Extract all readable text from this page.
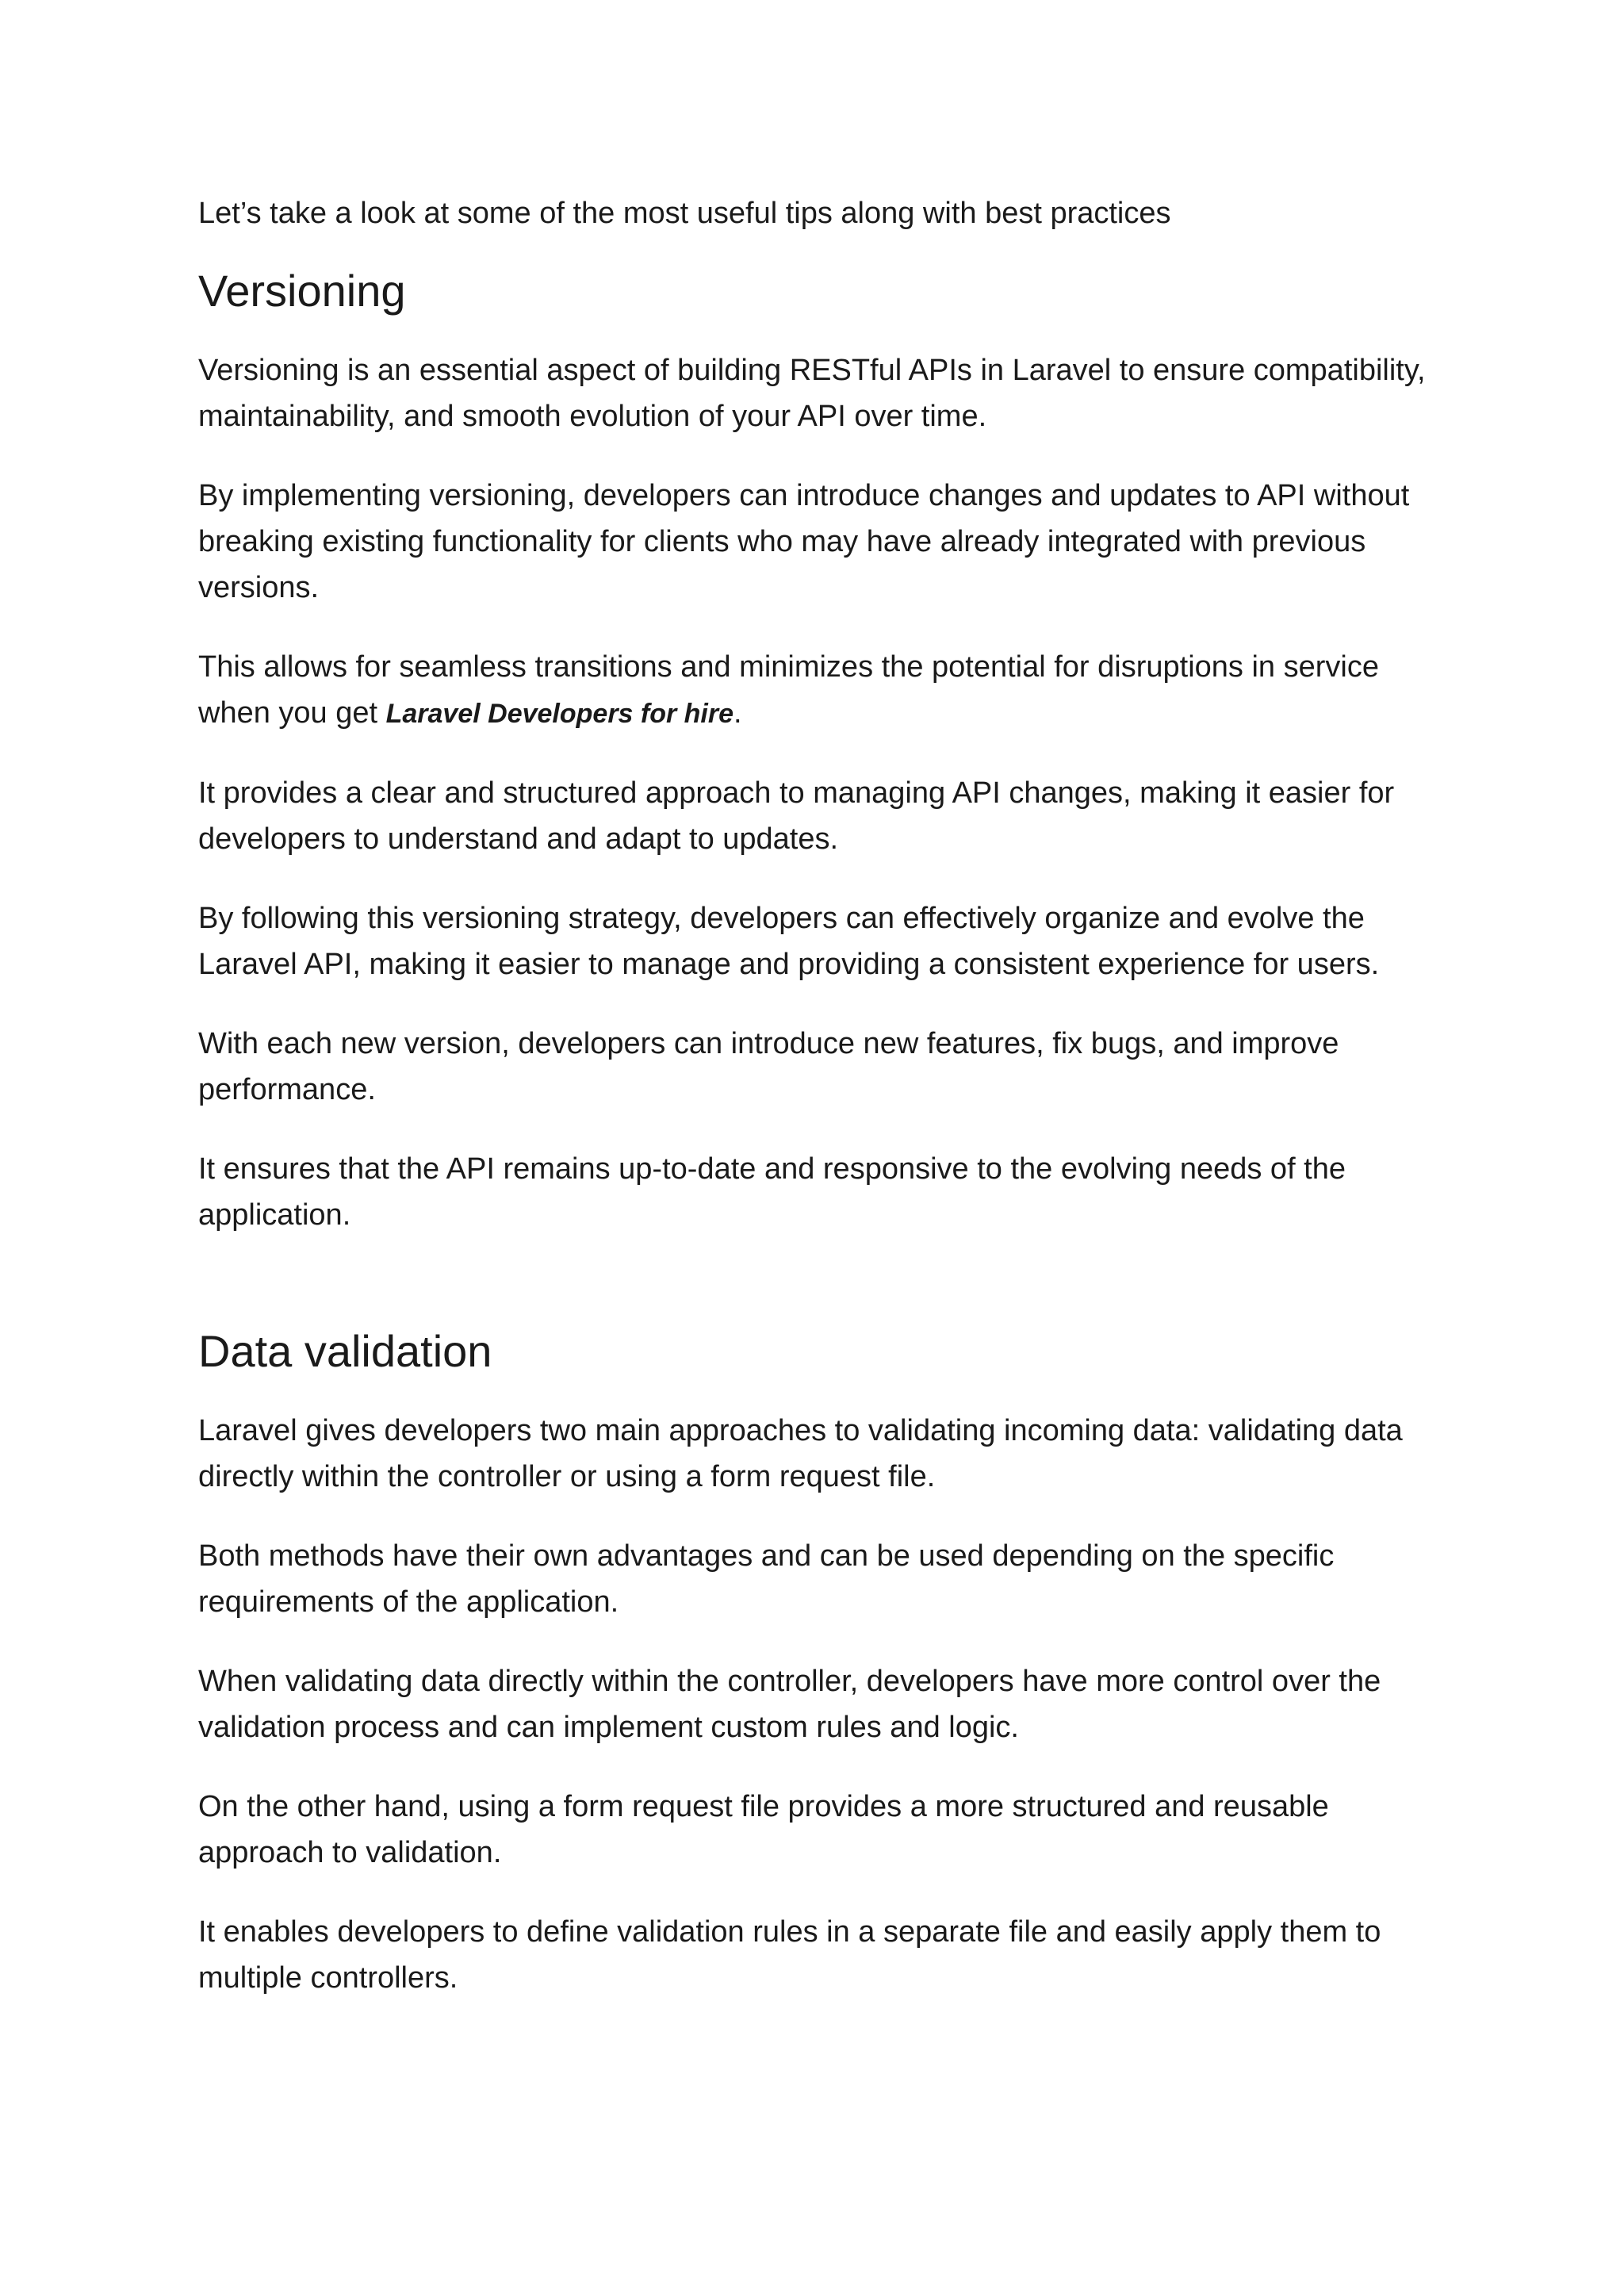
Let’s take a look at some of the most useful tips along with best practices

Versioning

Versioning is an essential aspect of building RESTful APIs in Laravel to ensure compatibility, maintainability, and smooth evolution of your API over time.

By implementing versioning, developers can introduce changes and updates to API without breaking existing functionality for clients who may have already integrated with previous versions.

This allows for seamless transitions and minimizes the potential for disruptions in service when you get Laravel Developers for hire.

It provides a clear and structured approach to managing API changes, making it easier for developers to understand and adapt to updates.

By following this versioning strategy, developers can effectively organize and evolve the Laravel API, making it easier to manage and providing a consistent experience for users.

With each new version, developers can introduce new features, fix bugs, and improve performance.

It ensures that the API remains up-to-date and responsive to the evolving needs of the application.

Data validation

Laravel gives developers two main approaches to validating incoming data: validating data directly within the controller or using a form request file.

Both methods have their own advantages and can be used depending on the specific requirements of the application.

When validating data directly within the controller, developers have more control over the validation process and can implement custom rules and logic.

On the other hand, using a form request file provides a more structured and reusable approach to validation.

It enables developers to define validation rules in a separate file and easily apply them to multiple controllers.
